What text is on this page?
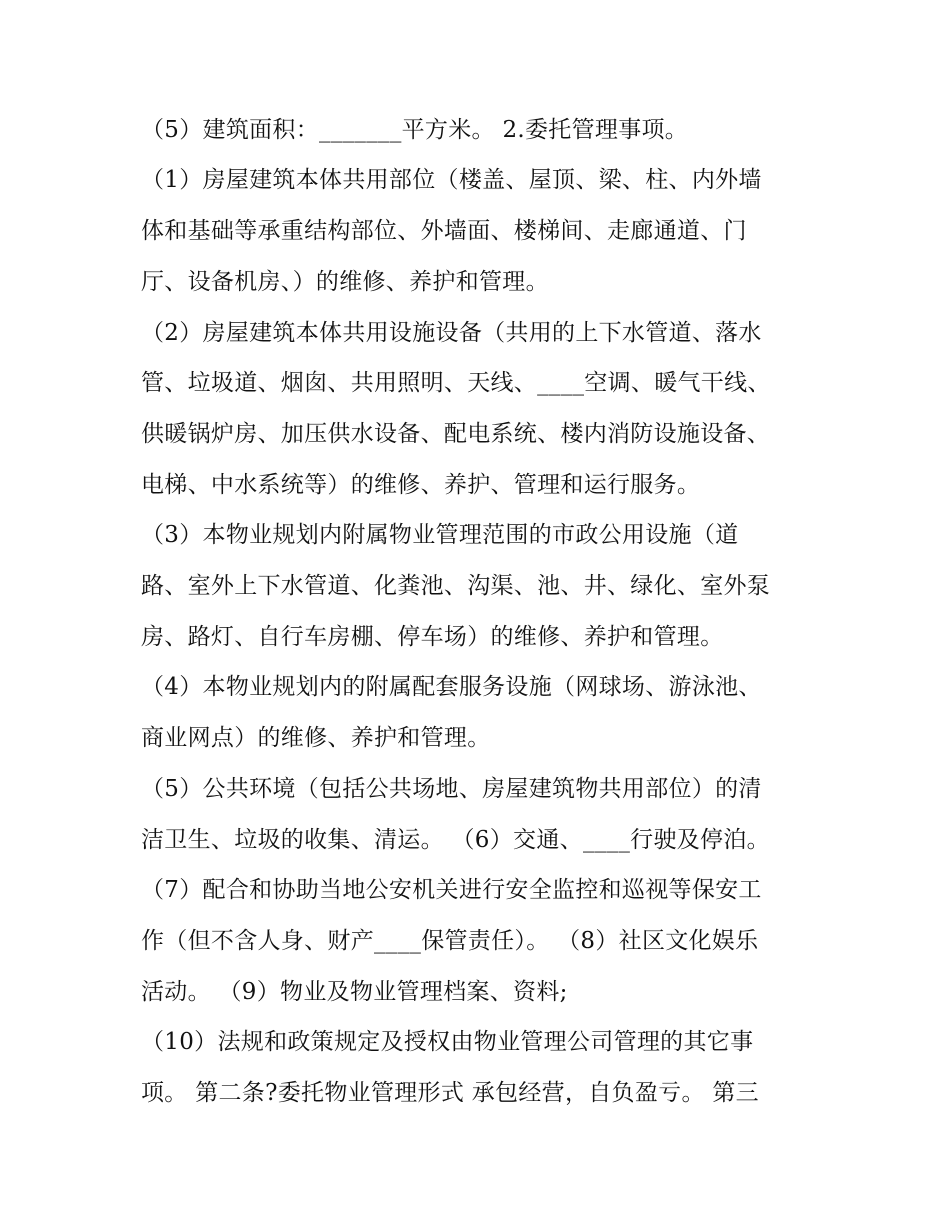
（5）建筑面积：_______平方米。 2.委托管理事项。
（1）房屋建筑本体共用部位（楼盖、屋顶、梁、柱、内外墙
体和基础等承重结构部位、外墙面、楼梯间、走廊通道、门
厅、设备机房、）的维修、养护和管理。
（2）房屋建筑本体共用设施设备（共用的上下水管道、落水
管、垃圾道、烟囱、共用照明、天线、____空调、暖气干线、
供暖锅炉房、加压供水设备、配电系统、楼内消防设施设备、
电梯、中水系统等）的维修、养护、管理和运行服务。
（3）本物业规划内附属物业管理范围的市政公用设施（道
路、室外上下水管道、化粪池、沟渠、池、井、绿化、室外泵
房、路灯、自行车房棚、停车场）的维修、养护和管理。
（4）本物业规划内的附属配套服务设施（网球场、游泳池、
商业网点）的维修、养护和管理。
（5）公共环境（包括公共场地、房屋建筑物共用部位）的清
洁卫生、垃圾的收集、清运。 （6）交通、____行驶及停泊。
（7）配合和协助当地公安机关进行安全监控和巡视等保安工
作（但不含人身、财产____保管责任）。 （8）社区文化娱乐
活动。 （9）物业及物业管理档案、资料;
（10）法规和政策规定及授权由物业管理公司管理的其它事
项。 第二条?委托物业管理形式 承包经营，自负盈亏。 第三
